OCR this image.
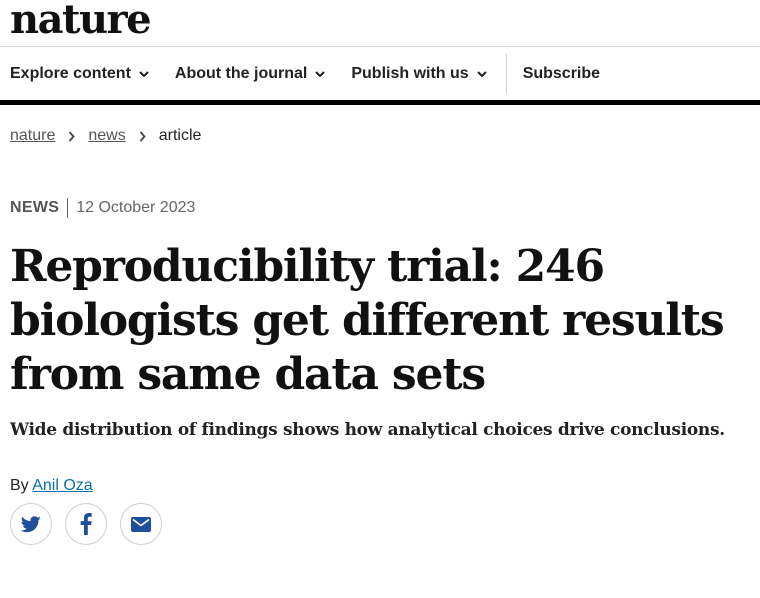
nature
Explore content	About the journal	Publish with us	Subscribe
nature news article
NEWS 12 October 2023
Reproducibility trial: 246 biologists get different results from same data sets

Wide distribution of findings shows how analytical choices drive conclusions.

By Anil Oza
